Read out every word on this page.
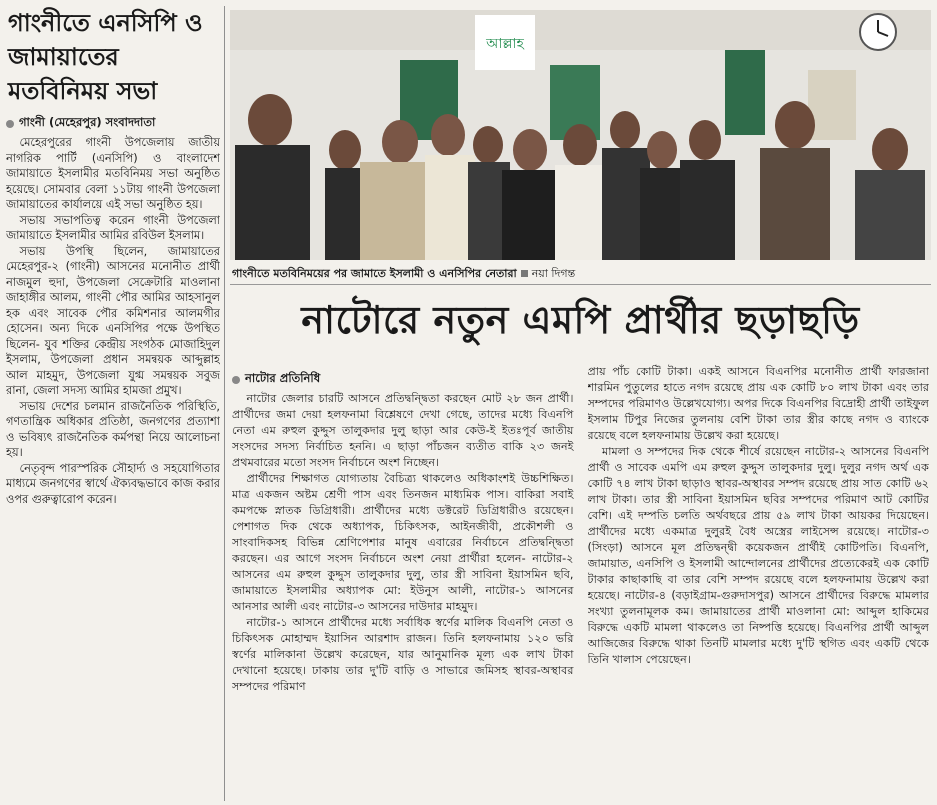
গাংনীতে এনসিপি ও জামায়াতের মতবিনিময় সভা
গাংনী (মেহেরপুর) সংবাদদাতা

মেহেরপুরের গাংনী উপজেলায় জাতীয় নাগরিক পার্টি (এনসিপি) ও বাংলাদেশ জামায়াতে ইসলামীর মতবিনিময় সভা অনুষ্ঠিত হয়েছে। সোমবার বেলা ১১টায় গাংনী উপজেলা জামায়াতের কার্যালয়ে এই সভা অনুষ্ঠিত হয়।

সভায় সভাপতিত্ব করেন গাংনী উপজেলা জামায়াতে ইসলামীর আমির রবিউল ইসলাম।

সভায় উপস্থি ছিলেন, জামায়াতের মেহেরপুর-২ (গাংনী) আসনের মনোনীত প্রার্থী নাজমুল হুদা, উপজেলা সেক্রেটারি মাওলানা জাহাঙ্গীর আলম, গাংনী পৌর আমির আহসানুল হক এবং সাবেক পৌর কমিশনার আলমগীর হোসেন। অন্য দিকে এনসিপির পক্ষে উপস্থিত ছিলেন- যুব শক্তির কেন্দ্রীয় সংগঠক মোজাহিদুল ইসলাম, উপজেলা প্রধান সমন্বয়ক আব্দুল্লাহ আল মাহমুদ, উপজেলা যুগ্ম সমন্বয়ক সবুজ রানা, জেলা সদস্য আমির হামজা প্রমুখ।

সভায় দেশের চলমান রাজনৈতিক পরিস্থিতি, গণতান্ত্রিক অধিকার প্রতিষ্ঠা, জনগণের প্রত্যাশা ও ভবিষ্যৎ রাজনৈতিক কর্মপন্থা নিয়ে আলোচনা হয়।

নেতৃবৃন্দ পারস্পরিক সৌহার্দ্য ও সহযোগিতার মাধ্যমে জনগণের স্বার্থে ঐক্যবদ্ধভাবে কাজ করার ওপর গুরুত্বারোপ করেন।

আল্লাহ
গাংনীতে মতবিনিময়ের পর জামাতে ইসলামী ও এনসিপির নেতারা নয়া দিগন্ত
নাটোরে নতুন এমপি প্রার্থীর ছড়াছড়ি
নাটোর প্রতিনিধি

নাটোর জেলার চারটি আসনে প্রতিদ্বন্দ্বিতা করছেন মোট ২৮ জন প্রার্থী। প্রার্থীদের জমা দেয়া হলফনামা বিশ্লেষণে দেখা গেছে, তাদের মধ্যে বিএনপি নেতা এম রুহুল কুদ্দুস তালুকদার দুলু ছাড়া আর কেউ-ই ইতঃপূর্ব জাতীয় সংসদের সদস্য নির্বাচিত হননি। এ ছাড়া পাঁচজন ব্যতীত বাকি ২৩ জনই প্রথমবারের মতো সংসদ নির্বাচনে অংশ নিচ্ছেন।

প্রার্থীদের শিক্ষাগত যোগ্যতায় বৈচিত্র্য থাকলেও অধিকাংশই উচ্চশিক্ষিত। মাত্র একজন অষ্টম শ্রেণী পাস এবং তিনজন মাধ্যমিক পাস। বাকিরা সবাই কমপক্ষে স্নাতক ডিগ্রিধারী। প্রার্থীদের মধ্যে ডক্টরেট ডিগ্রিধারীও রয়েছেন। পেশাগত দিক থেকে অধ্যাপক, চিকিৎসক, আইনজীবী, প্রকৌশলী ও সাংবাদিকসহ বিভিন্ন শ্রেণিপেশার মানুষ এবারের নির্বাচনে প্রতিদ্বন্দ্বিতা করছেন। এর আগে সংসদ নির্বাচনে অংশ নেয়া প্রার্থীরা হলেন- নাটোর-২ আসনের এম রুহুল কুদ্দুস তালুকদার দুলু, তার স্ত্রী সাবিনা ইয়াসমিন ছবি, জামায়াতে ইসলামীর অধ্যাপক মো: ইউনুস আলী, নাটোর-১ আসনের আনসার আলী এবং নাটোর-৩ আসনের দাউদার মাহমুদ।

নাটোর-১ আসনে প্রার্থীদের মধ্যে সর্বাধিক স্বর্ণের মালিক বিএনপি নেতা ও চিকিৎসক মোহাম্মদ ইয়াসিন আরশাদ রাজন। তিনি হলফনামায় ১২০ ভরি স্বর্ণের মালিকানা উল্লেখ করেছেন, যার আনুমানিক মূল্য এক লাখ টাকা দেখানো হয়েছে। ঢাকায় তার দু'টি বাড়ি ও সাভারে জমিসহ স্থাবর-অস্থাবর সম্পদের পরিমাণ

প্রায় পাঁচ কোটি টাকা। একই আসনে বিএনপির মনোনীত প্রার্থী ফারজানা শারমিন পুতুলের হাতে নগদ রয়েছে প্রায় এক কোটি ৮০ লাখ টাকা এবং তার সম্পদের পরিমাণও উল্লেখযোগ্য। অপর দিকে বিএনপির বিদ্রোহী প্রার্থী তাইফুল ইসলাম টিপুর নিজের তুলনায় বেশি টাকা তার স্ত্রীর কাছে নগদ ও ব্যাংকে রয়েছে বলে হলফনামায় উল্লেখ করা হয়েছে।

মামলা ও সম্পদের দিক থেকে শীর্ষে রয়েছেন নাটোর-২ আসনের বিএনপি প্রার্থী ও সাবেক এমপি এম রুহুল কুদ্দুস তালুকদার দুলু। দুলুর নগদ অর্থ এক কোটি ৭৪ লাখ টাকা ছাড়াও স্থাবর-অস্থাবর সম্পদ রয়েছে প্রায় সাত কোটি ৬২ লাখ টাকা। তার স্ত্রী সাবিনা ইয়াসমিন ছবির সম্পদের পরিমাণ আট কোটির বেশি। এই দম্পতি চলতি অর্থবছরে প্রায় ৫৯ লাখ টাকা আয়কর দিয়েছেন। প্রার্থীদের মধ্যে একমাত্র দুলুরই বৈধ অস্ত্রের লাইসেন্স রয়েছে। নাটোর-৩ (সিংড়া) আসনে মূল প্রতিদ্বন্দ্বী কয়েকজন প্রার্থীই কোটিপতি। বিএনপি, জামায়াত, এনসিপি ও ইসলামী আন্দোলনের প্রার্থীদের প্রত্যেকেরই এক কোটি টাকার কাছাকাছি বা তার বেশি সম্পদ রয়েছে বলে হলফনামায় উল্লেখ করা হয়েছে। নাটোর-৪ (বড়াইগ্রাম-গুরুদাসপুর) আসনে প্রার্থীদের বিরুদ্ধে মামলার সংখ্যা তুলনামূলক কম। জামায়াতের প্রার্থী মাওলানা মো: আব্দুল হাকিমের বিরুদ্ধে একটি মামলা থাকলেও তা নিষ্পত্তি হয়েছে। বিএনপির প্রার্থী আব্দুল আজিজের বিরুদ্ধে থাকা তিনটি মামলার মধ্যে দু'টি স্থগিত এবং একটি থেকে তিনি খালাস পেয়েছেন।
